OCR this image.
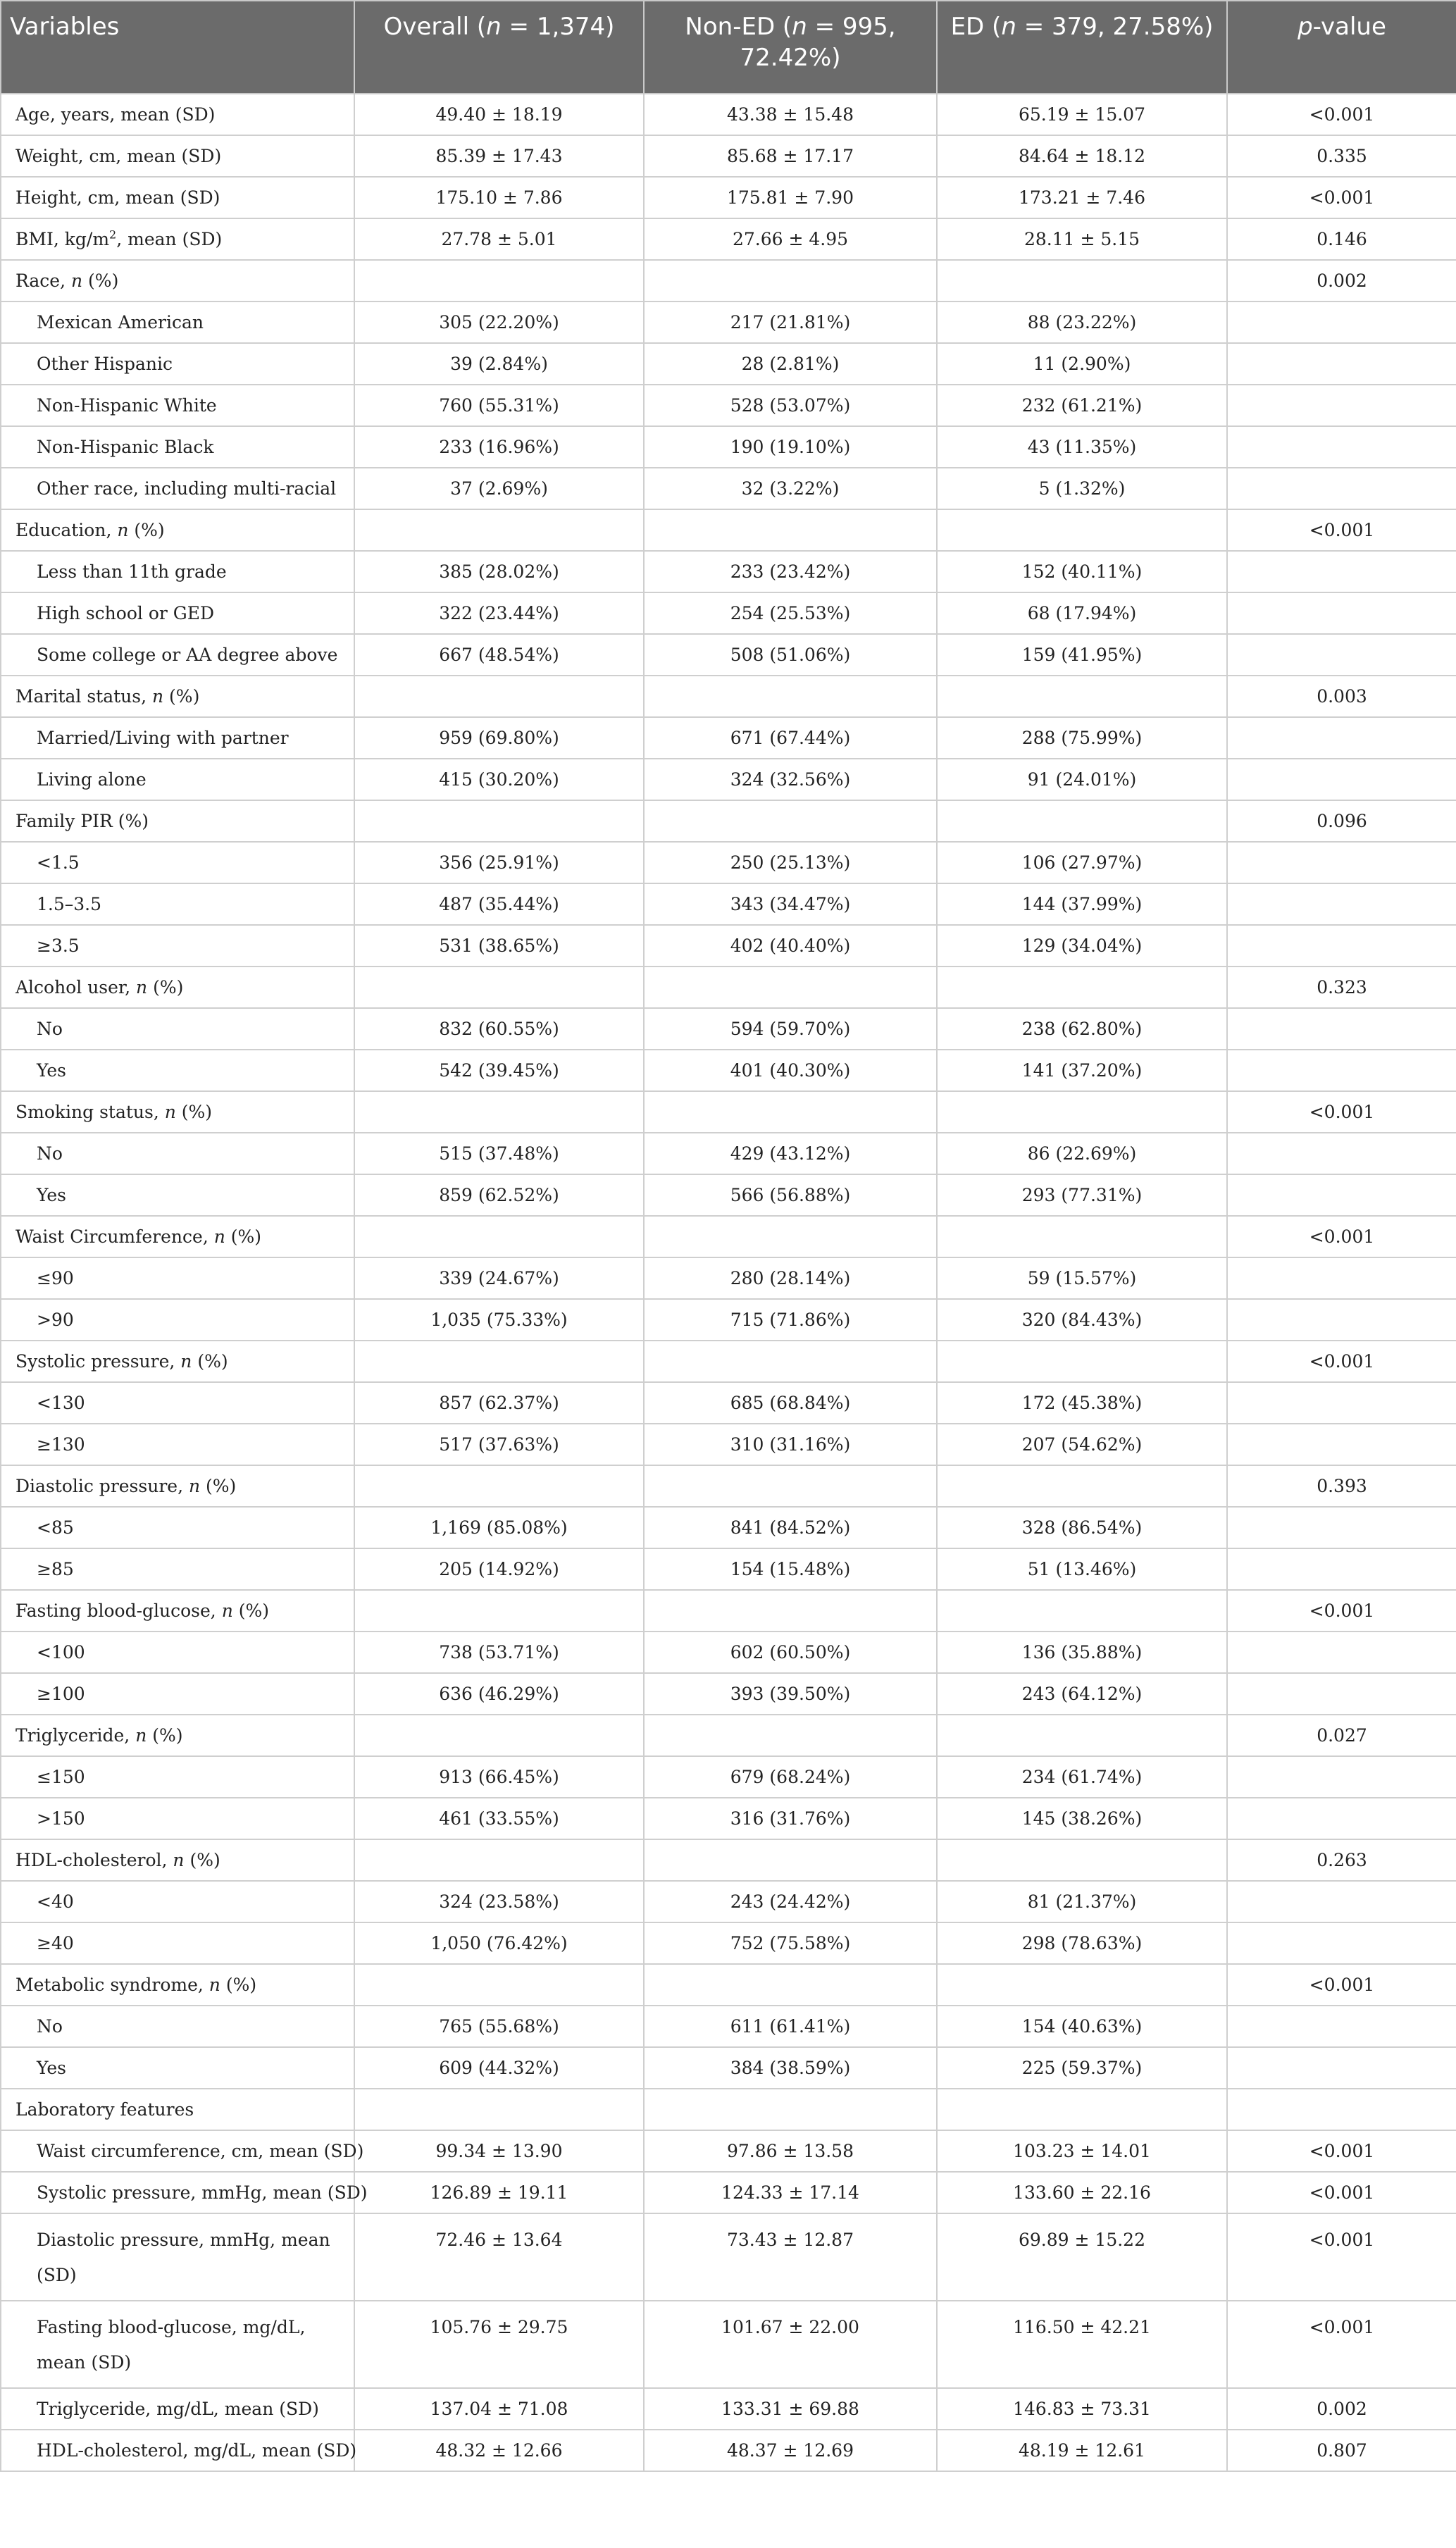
Variables	Overall (n = 1,374)	Non-ED (n = 995, 72.42%)	ED (n = 379, 27.58%)	p-value
Age, years, mean (SD)	49.40 ± 18.19	43.38 ± 15.48	65.19 ± 15.07	<0.001
Weight, cm, mean (SD)	85.39 ± 17.43	85.68 ± 17.17	84.64 ± 18.12	0.335
Height, cm, mean (SD)	175.10 ± 7.86	175.81 ± 7.90	173.21 ± 7.46	<0.001
BMI, $kg/m^2$, mean (SD)	27.78 ± 5.01	27.66 ± 4.95	28.11 ± 5.15	0.146
Race, n (%)				0.002
Mexican American	305 (22.20%)	217 (21.81%)	88 (23.22%)	
Other Hispanic	39 (2.84%)	28 (2.81%)	11 (2.90%)	
Non-Hispanic White	760 (55.31%)	528 (53.07%)	232 (61.21%)	
Non-Hispanic Black	233 (16.96%)	190 (19.10%)	43 (11.35%)	
Other race, including multi-racial	37 (2.69%)	32 (3.22%)	5 (1.32%)	
Education, n (%)				<0.001
Less than 11th grade	385 (28.02%)	233 (23.42%)	152 (40.11%)	
High school or GED	322 (23.44%)	254 (25.53%)	68 (17.94%)	
Some college or AA degree above	667 (48.54%)	508 (51.06%)	159 (41.95%)	
Marital status, n (%)				0.003
Married/Living with partner	959 (69.80%)	671 (67.44%)	288 (75.99%)	
Living alone	415 (30.20%)	324 (32.56%)	91 (24.01%)	
Family PIR (%)				0.096
<1.5	356 (25.91%)	250 (25.13%)	106 (27.97%)	
1.5–3.5	487 (35.44%)	343 (34.47%)	144 (37.99%)	
≥3.5	531 (38.65%)	402 (40.40%)	129 (34.04%)	
Alcohol user, n (%)				0.323
No	832 (60.55%)	594 (59.70%)	238 (62.80%)	
Yes	542 (39.45%)	401 (40.30%)	141 (37.20%)	
Smoking status, n (%)				<0.001
No	515 (37.48%)	429 (43.12%)	86 (22.69%)	
Yes	859 (62.52%)	566 (56.88%)	293 (77.31%)	
Waist Circumference, n (%)				<0.001
≤90	339 (24.67%)	280 (28.14%)	59 (15.57%)	
>90	1,035 (75.33%)	715 (71.86%)	320 (84.43%)	
Systolic pressure, n (%)				<0.001
<130	857 (62.37%)	685 (68.84%)	172 (45.38%)	
≥130	517 (37.63%)	310 (31.16%)	207 (54.62%)	
Diastolic pressure, n (%)				0.393
<85	1,169 (85.08%)	841 (84.52%)	328 (86.54%)	
≥85	205 (14.92%)	154 (15.48%)	51 (13.46%)	
Fasting blood-glucose, n (%)				<0.001
<100	738 (53.71%)	602 (60.50%)	136 (35.88%)	
≥100	636 (46.29%)	393 (39.50%)	243 (64.12%)	
Triglyceride, n (%)				0.027
≤150	913 (66.45%)	679 (68.24%)	234 (61.74%)	
>150	461 (33.55%)	316 (31.76%)	145 (38.26%)	
HDL-cholesterol, n (%)				0.263
<40	324 (23.58%)	243 (24.42%)	81 (21.37%)	
≥40	1,050 (76.42%)	752 (75.58%)	298 (78.63%)	
Metabolic syndrome, n (%)				<0.001
No	765 (55.68%)	611 (61.41%)	154 (40.63%)	
Yes	609 (44.32%)	384 (38.59%)	225 (59.37%)	
Laboratory features				
Waist circumference, cm, mean (SD)	99.34 ± 13.90	97.86 ± 13.58	103.23 ± 14.01	<0.001
Systolic pressure, mmHg, mean (SD)	126.89 ± 19.11	124.33 ± 17.14	133.60 ± 22.16	<0.001
Diastolic pressure, mmHg, mean (SD)	72.46 ± 13.64	73.43 ± 12.87	69.89 ± 15.22	<0.001
Fasting blood-glucose, mg/dL, mean (SD)	105.76 ± 29.75	101.67 ± 22.00	116.50 ± 42.21	<0.001
Triglyceride, mg/dL, mean (SD)	137.04 ± 71.08	133.31 ± 69.88	146.83 ± 73.31	0.002
HDL-cholesterol, mg/dL, mean (SD)	48.32 ± 12.66	48.37 ± 12.69	48.19 ± 12.61	0.807
